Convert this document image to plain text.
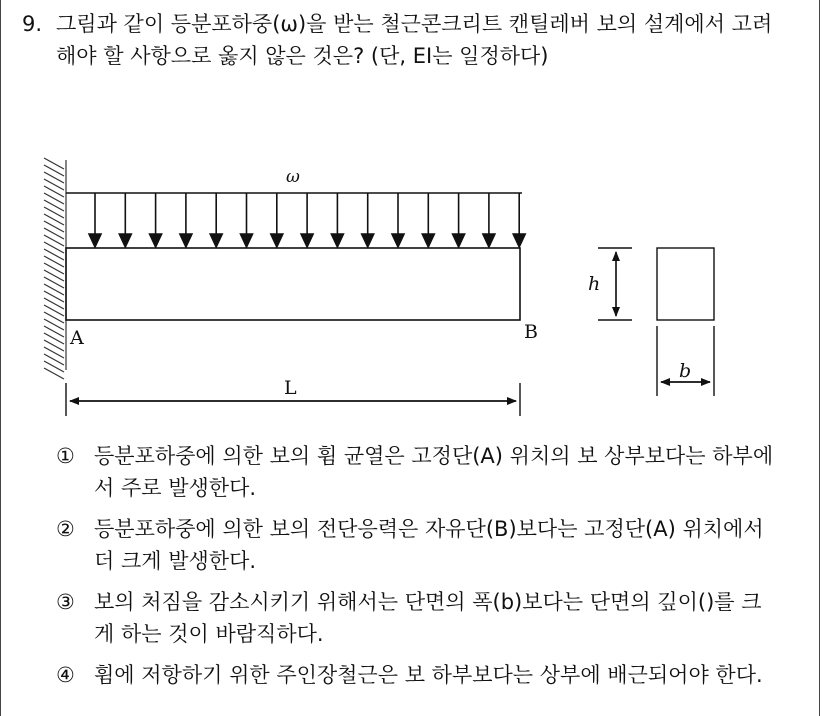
9. 그림과 같이 등분포하중(ω)을 받는 철근콘크리트 캔틸레버 보의 설계에서 고려해야 할 사항으로 옳지 않은 것은? (단, EI는 일정하다)
ω
A	B
L
h
b
① 등분포하중에 의한 보의 휨 균열은 고정단(A) 위치의 보 상부보다는 하부에서 주로 발생한다.
② 등분포하중에 의한 보의 전단응력은 자유단(B)보다는 고정단(A) 위치에서 더 크게 발생한다.
③ 보의 처짐을 감소시키기 위해서는 단면의 폭(b)보다는 단면의 깊이()를 크게 하는 것이 바람직하다.
④ 휨에 저항하기 위한 주인장철근은 보 하부보다는 상부에 배근되어야 한다.
